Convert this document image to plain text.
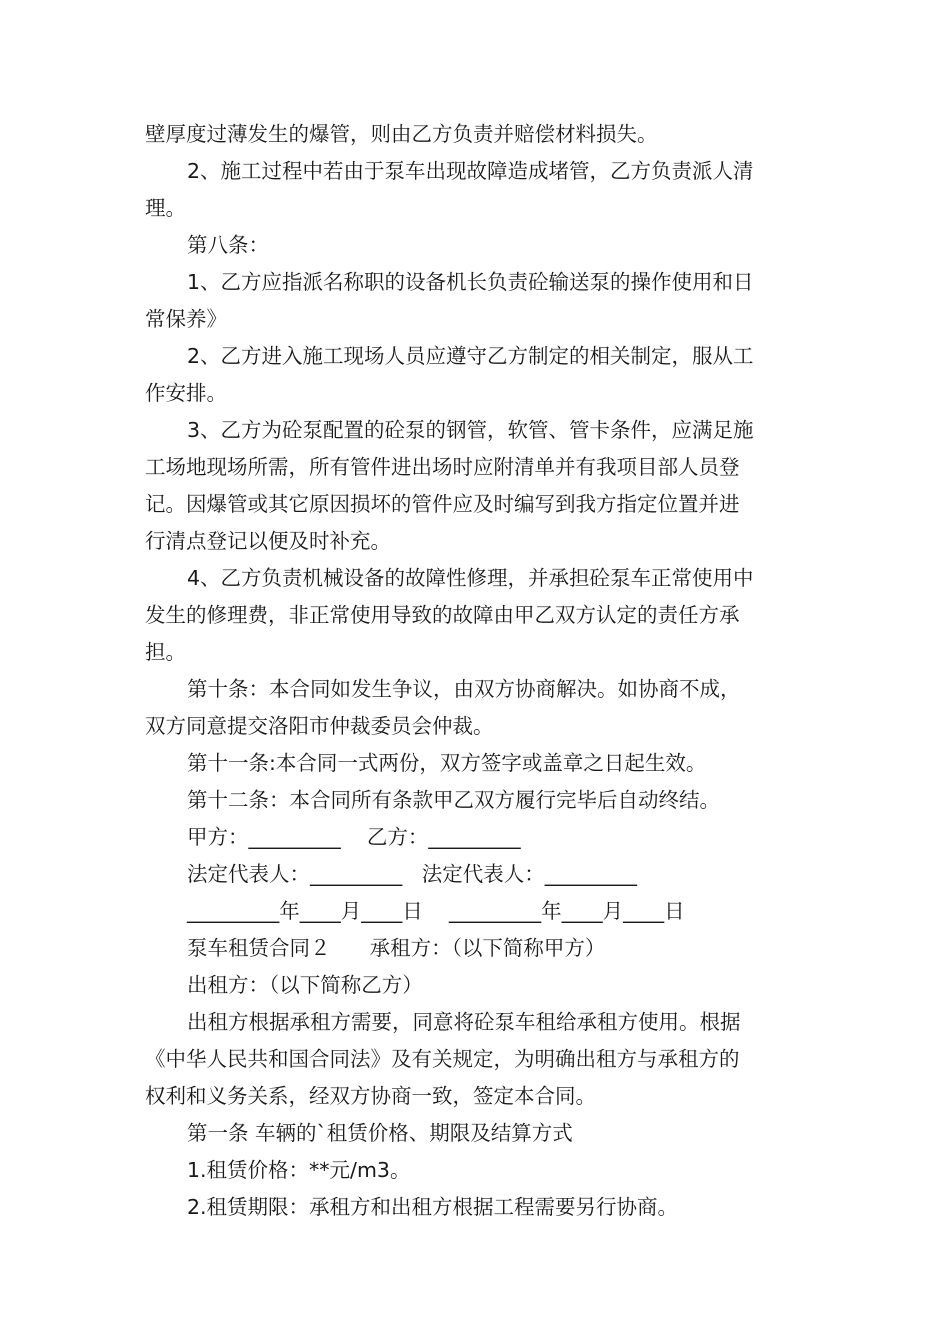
壁厚度过薄发生的爆管，则由乙方负责并赔偿材料损失。

2、施工过程中若由于泵车出现故障造成堵管，乙方负责派人清
理。

第八条：

1、乙方应指派名称职的设备机长负责砼输送泵的操作使用和日
常保养》

2、乙方进入施工现场人员应遵守乙方制定的相关制定，服从工
作安排。

3、乙方为砼泵配置的砼泵的钢管，软管、管卡条件，应满足施
工场地现场所需，所有管件进出场时应附清单并有我项目部人员登
记。因爆管或其它原因损坏的管件应及时编写到我方指定位置并进
行清点登记以便及时补充。

4、乙方负责机械设备的故障性修理，并承担砼泵车正常使用中
发生的修理费，非正常使用导致的故障由甲乙双方认定的责任方承
担。

第十条：本合同如发生争议，由双方协商解决。如协商不成，
双方同意提交洛阳市仲裁委员会仲裁。

第十一条:本合同一式两份，双方签字或盖章之日起生效。

第十二条：本合同所有条款甲乙双方履行完毕后自动终结。

甲方：_________    乙方：_________
法定代表人：_________   法定代表人：_________
_________年____月____日    _________年____月____日
泵车租赁合同２      承租方：（以下简称甲方）
出租方：（以下简称乙方）

出租方根据承租方需要，同意将砼泵车租给承租方使用。根据
《中华人民共和国合同法》及有关规定，为明确出租方与承租方的
权利和义务关系，经双方协商一致，签定本合同。

第一条 车辆的`租赁价格、期限及结算方式

1.租赁价格：**元/m3。

2.租赁期限：承租方和出租方根据工程需要另行协商。
